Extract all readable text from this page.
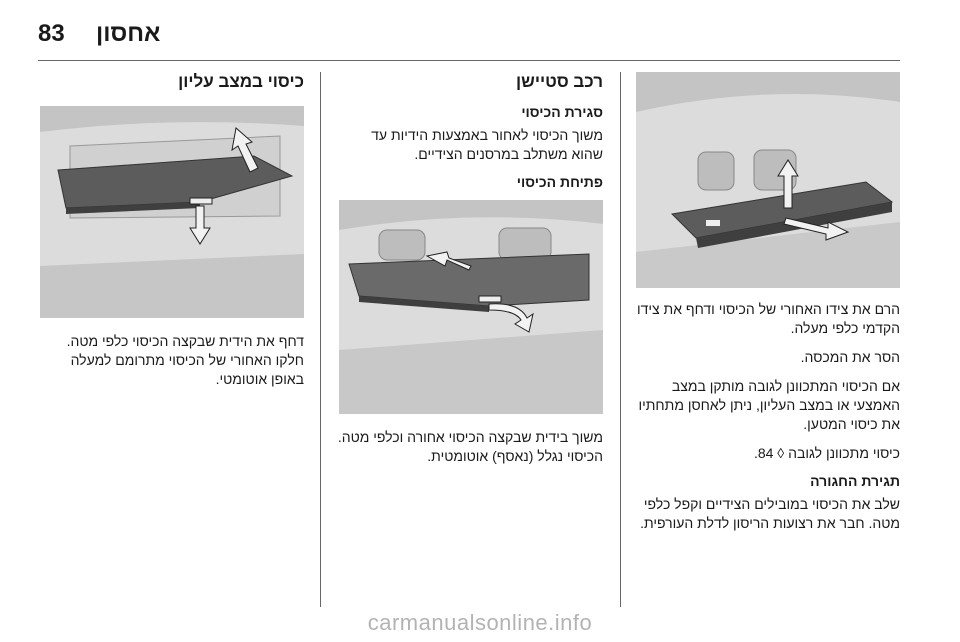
83 אחסון

הרם את צידו האחורי של הכיסוי ודחף את צידו הקדמי כלפי מעלה.

הסר את המכסה.

אם הכיסוי המתכוונן לגובה מותקן במצב האמצעי או במצב העליון, ניתן לאחסן מתחתיו את כיסוי המטען.

כיסוי מתכוונן לגובה ◊ 84.

תגירת החגורה

שלב את הכיסוי במובילים הצידיים וקפל כלפי מטה. חבר את רצועות הריסון לדלת העורפית.

רכב סטיישן
סגירת הכיסוי

משוך הכיסוי לאחור באמצעות הידיות עד שהוא משתלב במרסנים הצידיים.

פתיחת הכיסוי

משוך בידית שבקצה הכיסוי אחורה וכלפי מטה. הכיסוי נגלל (נאסף) אוטומטית.

כיסוי במצב עליון

דחף את הידית שבקצה הכיסוי כלפי מטה. חלקו האחורי של הכיסוי מתרומם למעלה באופן אוטומטי.

carmanualsonline.info
